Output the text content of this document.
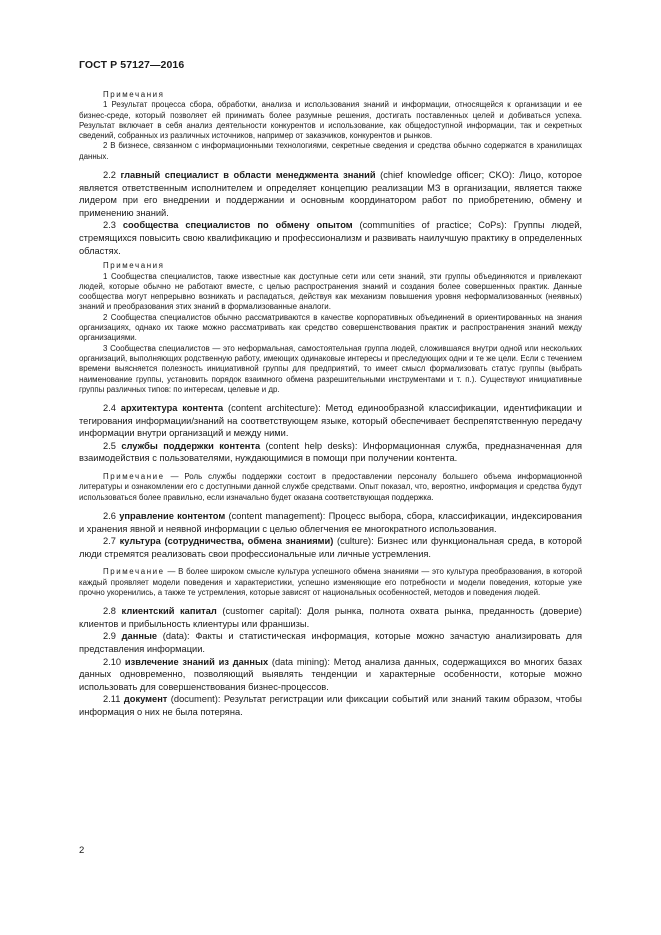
ГОСТ Р 57127—2016
Примечания

1 Результат процесса сбора, обработки, анализа и использования знаний и информации, относящейся к организации и ее бизнес-среде, который позволяет ей принимать более разумные решения, достигать поставленных целей и добиваться успеха. Результат включает в себя анализ деятельности конкурентов и использование, как общедоступной информации, так и секретных сведений, собранных из различных источников, например от заказчиков, конкурентов и рынков.

2 В бизнесе, связанном с информационными технологиями, секретные сведения и средства обычно содержатся в хранилищах данных.

2.2 главный специалист в области менеджмента знаний (chief knowledge officer; CKO): Лицо, которое является ответственным исполнителем и определяет концепцию реализации МЗ в организации, является также лидером при его внедрении и поддержании и основным координатором работ по приобретению, обмену и применению знаний.

2.3 сообщества специалистов по обмену опытом (communities of practice; CoPs): Группы людей, стремящихся повысить свою квалификацию и профессионализм и развивать наилучшую практику в определенных областях.

Примечания

1 Сообщества специалистов, также известные как доступные сети или сети знаний, эти группы объединяются и привлекают людей, которые обычно не работают вместе, с целью распространения знаний и создания более совершенных практик. Данные сообщества могут непрерывно возникать и распадаться, действуя как механизм повышения уровня неформализованных (неявных) знаний и преобразования этих знаний в формализованные аналоги.

2 Сообщества специалистов обычно рассматриваются в качестве корпоративных объединений в ориентированных на знания организациях, однако их также можно рассматривать как средство совершенствования практик и распространения знаний между организациями.

3 Сообщества специалистов — это неформальная, самостоятельная группа людей, сложившаяся внутри одной или нескольких организаций, выполняющих родственную работу, имеющих одинаковые интересы и преследующих одни и те же цели. Если с течением времени выясняется полезность инициативной группы для предприятий, то имеет смысл формализовать статус группы (выбрать наименование группы, установить порядок взаимного обмена разрешительными инструментами и т. п.). Существуют инициативные группы различных типов: по интересам, целевые и др.

2.4 архитектура контента (content architecture): Метод единообразной классификации, идентификации и тегирования информации/знаний на соответствующем языке, который обеспечивает беспрепятственную передачу информации внутри организаций и между ними.

2.5 службы поддержки контента (content help desks): Информационная служба, предназначенная для взаимодействия с пользователями, нуждающимися в помощи при получении контента.

Примечание — Роль службы поддержки состоит в предоставлении персоналу большего объема информационной литературы и ознакомлении его с доступными данной службе средствами. Опыт показал, что, вероятно, информация и средства будут использоваться более правильно, если изначально будет оказана соответствующая поддержка.

2.6 управление контентом (content management): Процесс выбора, сбора, классификации, индексирования и хранения явной и неявной информации с целью облегчения ее многократного использования.

2.7 культура (сотрудничества, обмена знаниями) (culture): Бизнес или функциональная среда, в которой люди стремятся реализовать свои профессиональные или личные устремления.

Примечание — В более широком смысле культура успешного обмена знаниями — это культура преобразования, в которой каждый проявляет модели поведения и характеристики, успешно изменяющие его потребности и модели поведения, которые уже прочно укоренились, а также те устремления, которые зависят от национальных особенностей, методов и поведения людей.

2.8 клиентский капитал (customer capital): Доля рынка, полнота охвата рынка, преданность (доверие) клиентов и прибыльность клиентуры или франшизы.

2.9 данные (data): Факты и статистическая информация, которые можно зачастую анализировать для представления информации.

2.10 извлечение знаний из данных (data mining): Метод анализа данных, содержащихся во многих базах данных одновременно, позволяющий выявлять тенденции и характерные особенности, которые можно использовать для совершенствования бизнес-процессов.

2.11 документ (document): Результат регистрации или фиксации событий или знаний таким образом, чтобы информация о них не была потеряна.

2
